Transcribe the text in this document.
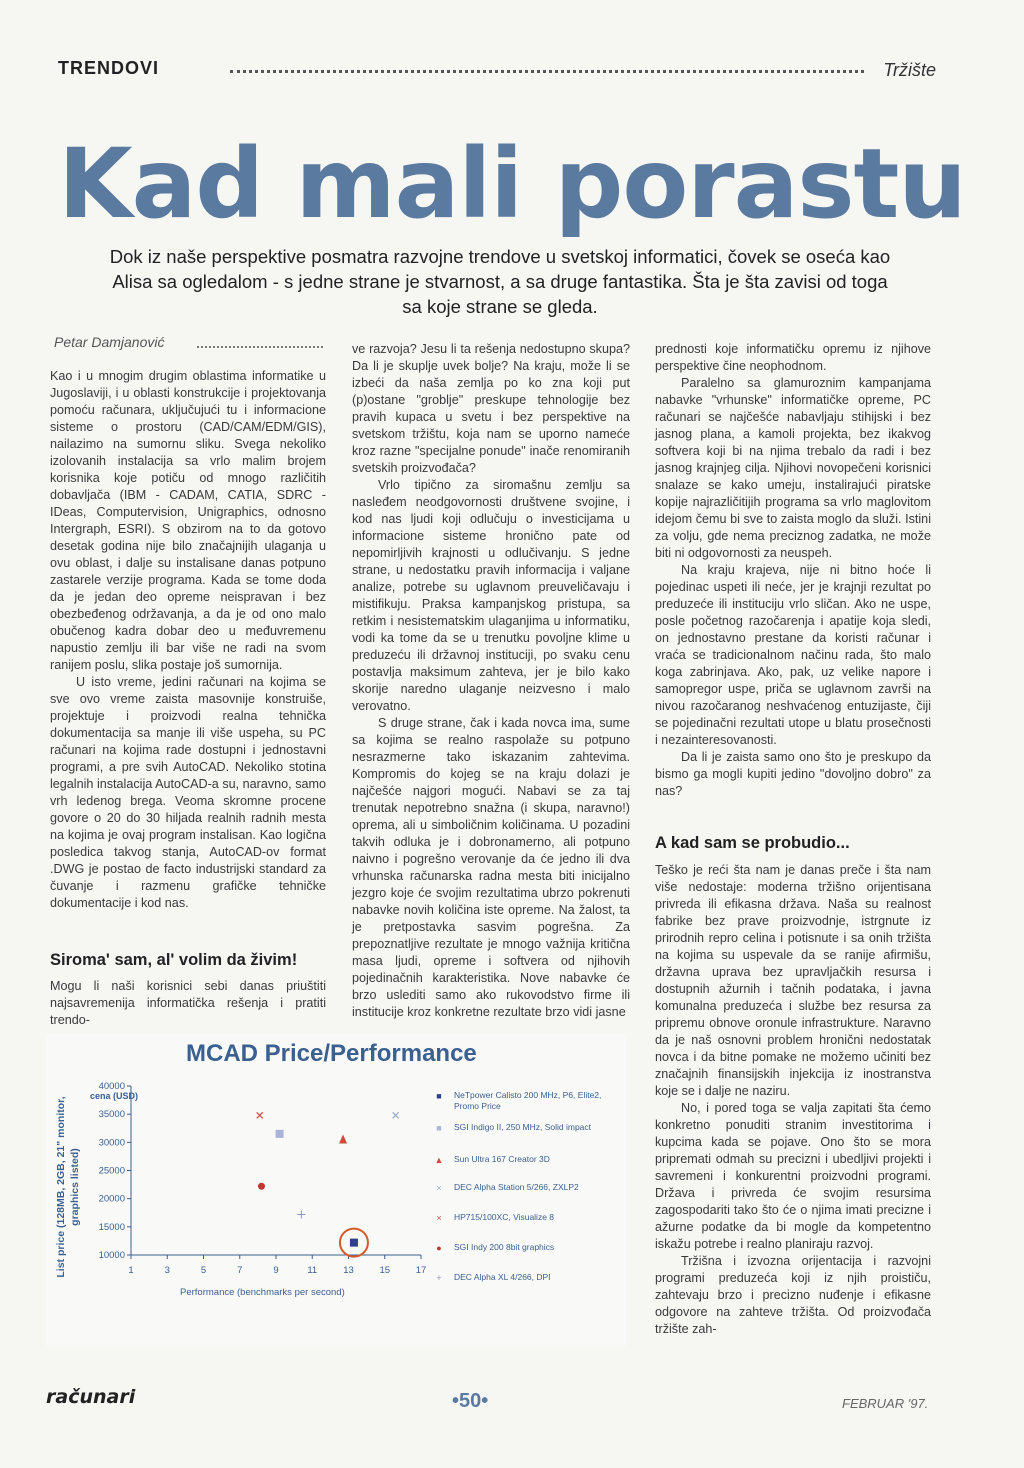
TRENDOVI	Tržište
Kad mali porastu
Dok iz naše perspektive posmatra razvojne trendove u svetskoj informatici, čovek se oseća kao Alisa sa ogledalom - s jedne strane je stvarnost, a sa druge fantastika. Šta je šta zavisi od toga sa koje strane se gleda.
Petar Damjanović

Kao i u mnogim drugim oblastima informatike u Jugoslaviji, i u oblasti konstrukcije i projektovanja pomoću računara, uključujući tu i informacione sisteme o prostoru (CAD/CAM/EDM/GIS), nailazimo na sumornu sliku. Svega nekoliko izolovanih instalacija sa vrlo malim brojem korisnika koje potiču od mnogo različitih dobavljača (IBM - CADAM, CATIA, SDRC - IDeas, Computervision, Unigraphics, odnosno Intergraph, ESRI). S obzirom na to da gotovo desetak godina nije bilo značajnijih ulaganja u ovu oblast, i dalje su instalisane danas potpuno zastarele verzije programa. Kada se tome doda da je jedan deo opreme neispravan i bez obezbeđenog održavanja, a da je od ono malo obučenog kadra dobar deo u međuvremenu napustio zemlju ili bar više ne radi na svom ranijem poslu, slika postaje još sumornija.

U isto vreme, jedini računari na kojima se sve ovo vreme zaista masovnije konstruiše, projektuje i proizvodi realna tehnička dokumentacija sa manje ili više uspeha, su PC računari na kojima rade dostupni i jednostavni programi, a pre svih AutoCAD. Nekoliko stotina legalnih instalacija AutoCAD-a su, naravno, samo vrh ledenog brega. Veoma skromne procene govore o 20 do 30 hiljada realnih radnih mesta na kojima je ovaj program instalisan. Kao logična posledica takvog stanja, AutoCAD-ov format .DWG je postao de facto industrijski standard za čuvanje i razmenu grafičke tehničke dokumentacije i kod nas.

Siroma' sam, al' volim da živim!

Mogu li naši korisnici sebi danas priuštiti najsavremenija informatička rešenja i pratiti trendo-

ve razvoja? Jesu li ta rešenja nedostupno skupa? Da li je skuplje uvek bolje? Na kraju, može li se izbeći da naša zemlja po ko zna koji put (p)ostane "groblje" preskupe tehnologije bez pravih kupaca u svetu i bez perspektive na svetskom tržištu, koja nam se uporno nameće kroz razne "specijalne ponude" inače renomiranih svetskih proizvođača?

Vrlo tipično za siromašnu zemlju sa naslеđem neodgovornosti društvene svojine, i kod nas ljudi koji odlučuju o investicijama u informacione sisteme hronično pate od nepomirljivih krajnosti u odlučivanju. S jedne strane, u nedostatku pravih informacija i valjane analize, potrebe su uglavnom preuveličavaju i mistifikuju. Praksa kampanjskog pristupa, sa retkim i nesistematskim ulaganjima u informatiku, vodi ka tome da se u trenutku povoljne klime u preduzeću ili državnoj instituciji, po svaku cenu postavlja maksimum zahteva, jer je bilo kako skorije naredno ulaganje neizvesno i malo verovatno.

S druge strane, čak i kada novca ima, sume sa kojima se realno raspolaže su potpuno nesrazmerne tako iskazanim zahtevima. Kompromis do kojeg se na kraju dolazi je najčešće najgori mogući. Nabavi se za taj trenutak nepotrebno snažna (i skupa, naravno!) oprema, ali u simboličnim količinama. U pozadini takvih odluka je i dobronamerno, ali potpuno naivno i pogrešno verovanje da će jedno ili dva vrhunska računarska radna mesta biti inicijalno jezgro koje će svojim rezultatima ubrzo pokrenuti nabavke novih količina iste opreme. Na žalost, ta je pretpostavka sasvim pogrešna. Za prepoznatljive rezultate je mnogo važnija kritična masa ljudi, opreme i softvera od njihovih pojedinačnih karakteristika. Nove nabavke će brzo uslediti samo ako rukovodstvo firme ili institucije kroz konkretne rezultate brzo vidi jasne

prednosti koje informatičku opremu iz njihove perspektive čine neophodnom.

Paralelno sa glamuroznim kampanjama nabavke "vrhunske" informatičke opreme, PC računari se najčešće nabavljaju stihijski i bez jasnog plana, a kamoli projekta, bez ikakvog softvera koji bi na njima trebalo da radi i bez jasnog krajnjeg cilja. Njihovi novopečeni korisnici snalaze se kako umeju, instalirajući piratske kopije najrazličitijih programa sa vrlo maglovitom idejom čemu bi sve to zaista moglo da služi. Istini za volju, gde nema preciznog zadatka, ne može biti ni odgovornosti za neuspeh.

Na kraju krajeva, nije ni bitno hoće li pojedinac uspeti ili neće, jer je krajnji rezultat po preduzeće ili instituciju vrlo sličan. Ako ne uspe, posle početnog razočarenja i apatije koja sledi, on jednostavno prestane da koristi računar i vraća se tradicionalnom načinu rada, što malo koga zabrinjava. Ako, pak, uz velike napore i samopregor uspe, priča se uglavnom završi na nivou razočaranog neshvaćenog entuzijaste, čiji se pojedinačni rezultati utope u blatu prosečnosti i nezainteresovanosti.

Da li je zaista samo ono što je preskupo da bismo ga mogli kupiti jedino "dovoljno dobro" za nas?

A kad sam se probudio...

Teško je reći šta nam je danas preče i šta nam više nedostaje: moderna tržišno orijentisana privreda ili efikasna država. Naša su realnost fabrike bez prave proizvodnje, istrgnute iz prirodnih repro celina i potisnute i sa onih tržišta na kojima su uspevale da se ranije afirmišu, državna uprava bez upravljačkih resursa i dostupnih ažurnih i tačnih podataka, i javna komunalna preduzeća i službe bez resursa za pripremu obnove oronule infrastrukture. Naravno da je naš osnovni problem hronični nedostatak novca i da bitne pomake ne možemo učiniti bez značajnih finansijskih injekcija iz inostranstva koje se i dalje ne naziru.

No, i pored toga se valja zapitati šta ćemo konkretno ponuditi stranim investitorima i kupcima kada se pojave. Ono što se mora pripremati odmah su precizni i ubedljivi projekti i savremeni i konkurentni proizvodni programi. Država i privreda će svojim resursima zagospodariti tako što će o njima imati precizne i ažurne podatke da bi mogle da kompetentno iskažu potrebe i realno planiraju razvoj.

Tržišna i izvozna orijentacija i razvojni programi preduzeća koji iz njih proističu, zahtevaju brzo i precizno nuđenje i efikasne odgovore na zahteve tržišta. Od proizvođača tržište zah-

MCAD Price/Performance
List price (128MB, 2GB, 21" monitor, graphics listed)
cena (USD)
Performance (benchmarks per second)
40000
35000
30000
25000
20000
15000
10000
1	3	5	7	9	11	13	15	17
■ NeTpower Calisto 200 MHz, P6, Elite2, Promo Price
■ SGI Indigo II, 250 MHz, Solid impact
▲ Sun Ultra 167 Creator 3D
× DEC Alpha Station 5/266, ZXLP2
× HP715/100XC, Visualize 8
● SGI Indy 200 8bit graphics
+ DEC Alpha XL 4/266, DPI
računari	•50•	FEBRUAR '97.
